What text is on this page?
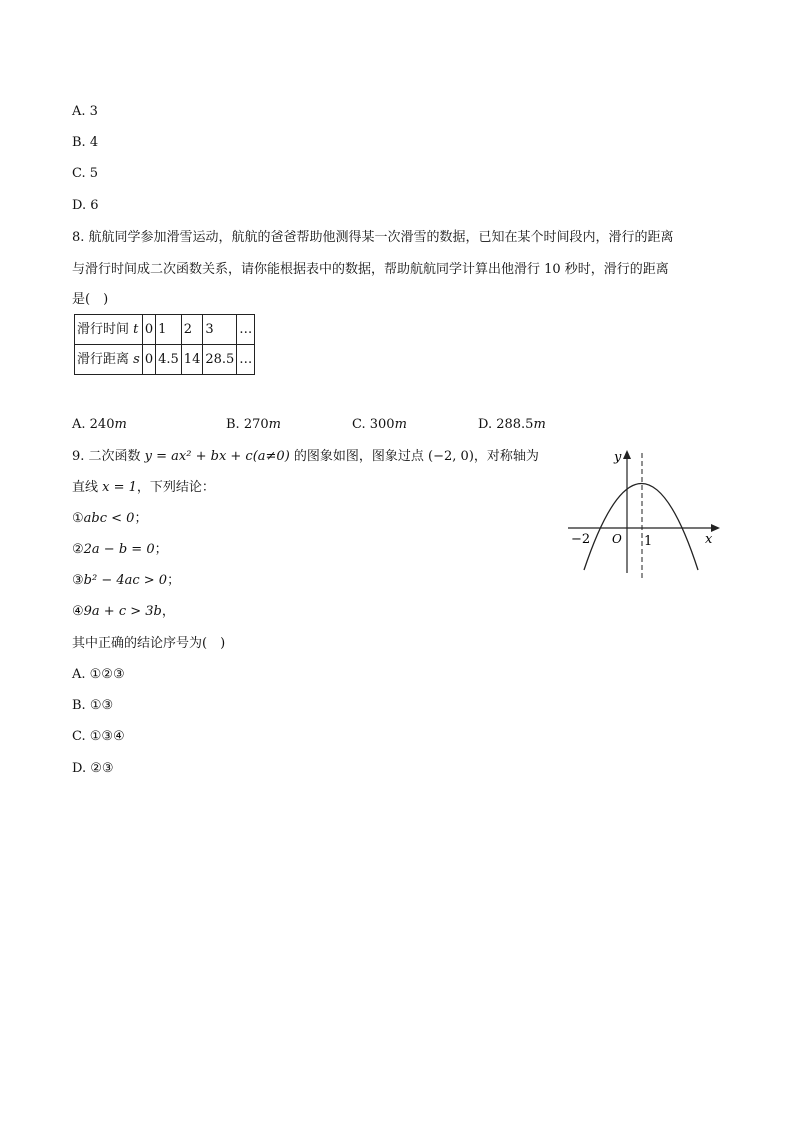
A. 3
B. 4
C. 5
D. 6
8. 航航同学参加滑雪运动，航航的爸爸帮助他测得某一次滑雪的数据，已知在某个时间段内，滑行的距离
与滑行时间成二次函数关系，请你能根据表中的数据，帮助航航同学计算出他滑行 10 秒时，滑行的距离
是(　)
滑行时间 t	0	1	2	3	…
滑行距离 s	0	4.5	14	28.5	…
A. 240m	B. 270m	C. 300m	D. 288.5m
9. 二次函数 y = ax² + bx + c(a≠0) 的图象如图，图象过点 (−2, 0)，对称轴为
直线 x = 1，下列结论：
①abc < 0；
②2a − b = 0；
③b² − 4ac > 0；
④9a + c > 3b，
其中正确的结论序号为(　)
A. ①②③
B. ①③
C. ①③④
D. ②③
y
x
O
−2	1
